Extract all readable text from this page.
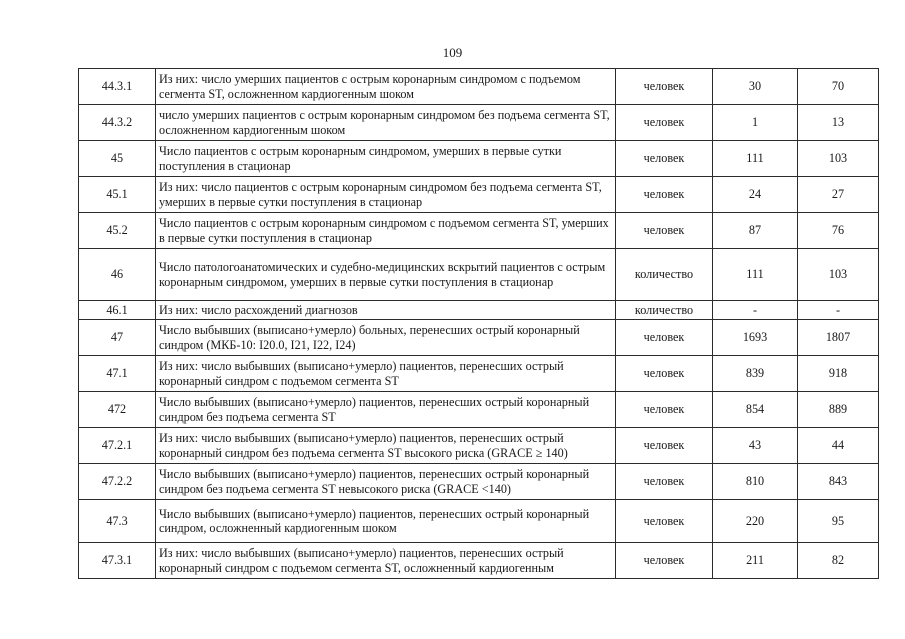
109
44.3.1	Из них: число умерших пациентов с острым коронарным синдромом с подъемом сегмента ST, осложненном кардиогенным шоком	человек	30	70
44.3.2	число умерших пациентов с острым коронарным синдромом без подъема сегмента ST, осложненном кардиогенным шоком	человек	1	13
45	Число пациентов с острым коронарным синдромом, умерших в первые сутки поступления в стационар	человек	111	103
45.1	Из них: число пациентов с острым коронарным синдромом без подъема сегмента ST, умерших в первые сутки поступления в стационар	человек	24	27
45.2	Число пациентов с острым коронарным синдромом с подъемом сегмента ST, умерших в первые сутки поступления в стационар	человек	87	76
46	Число патологоанатомических и судебно-медицинских вскрытий пациентов с острым коронарным синдромом, умерших в первые сутки поступления в стационар	количество	111	103
46.1	Из них: число расхождений диагнозов	количество	-	-
47	Число выбывших (выписано+умерло) больных, перенесших острый коронарный синдром (МКБ-10: I20.0, I21, I22, I24)	человек	1693	1807
47.1	Из них: число выбывших (выписано+умерло) пациентов, перенесших острый коронарный синдром с подъемом сегмента ST	человек	839	918
472	Число выбывших (выписано+умерло) пациентов, перенесших острый коронарный синдром без подъема сегмента ST	человек	854	889
47.2.1	Из них: число выбывших (выписано+умерло) пациентов, перенесших острый коронарный синдром без подъема сегмента ST высокого риска (GRACE ≥ 140)	человек	43	44
47.2.2	Число выбывших (выписано+умерло) пациентов, перенесших острый коронарный синдром без подъема сегмента ST невысокого риска (GRACE <140)	человек	810	843
47.3	Число выбывших (выписано+умерло) пациентов, перенесших острый коронарный синдром, осложненный кардиогенным шоком	человек	220	95
47.3.1	Из них: число выбывших (выписано+умерло) пациентов, перенесших острый коронарный синдром с подъемом сегмента ST, осложненный кардиогенным	человек	211	82
